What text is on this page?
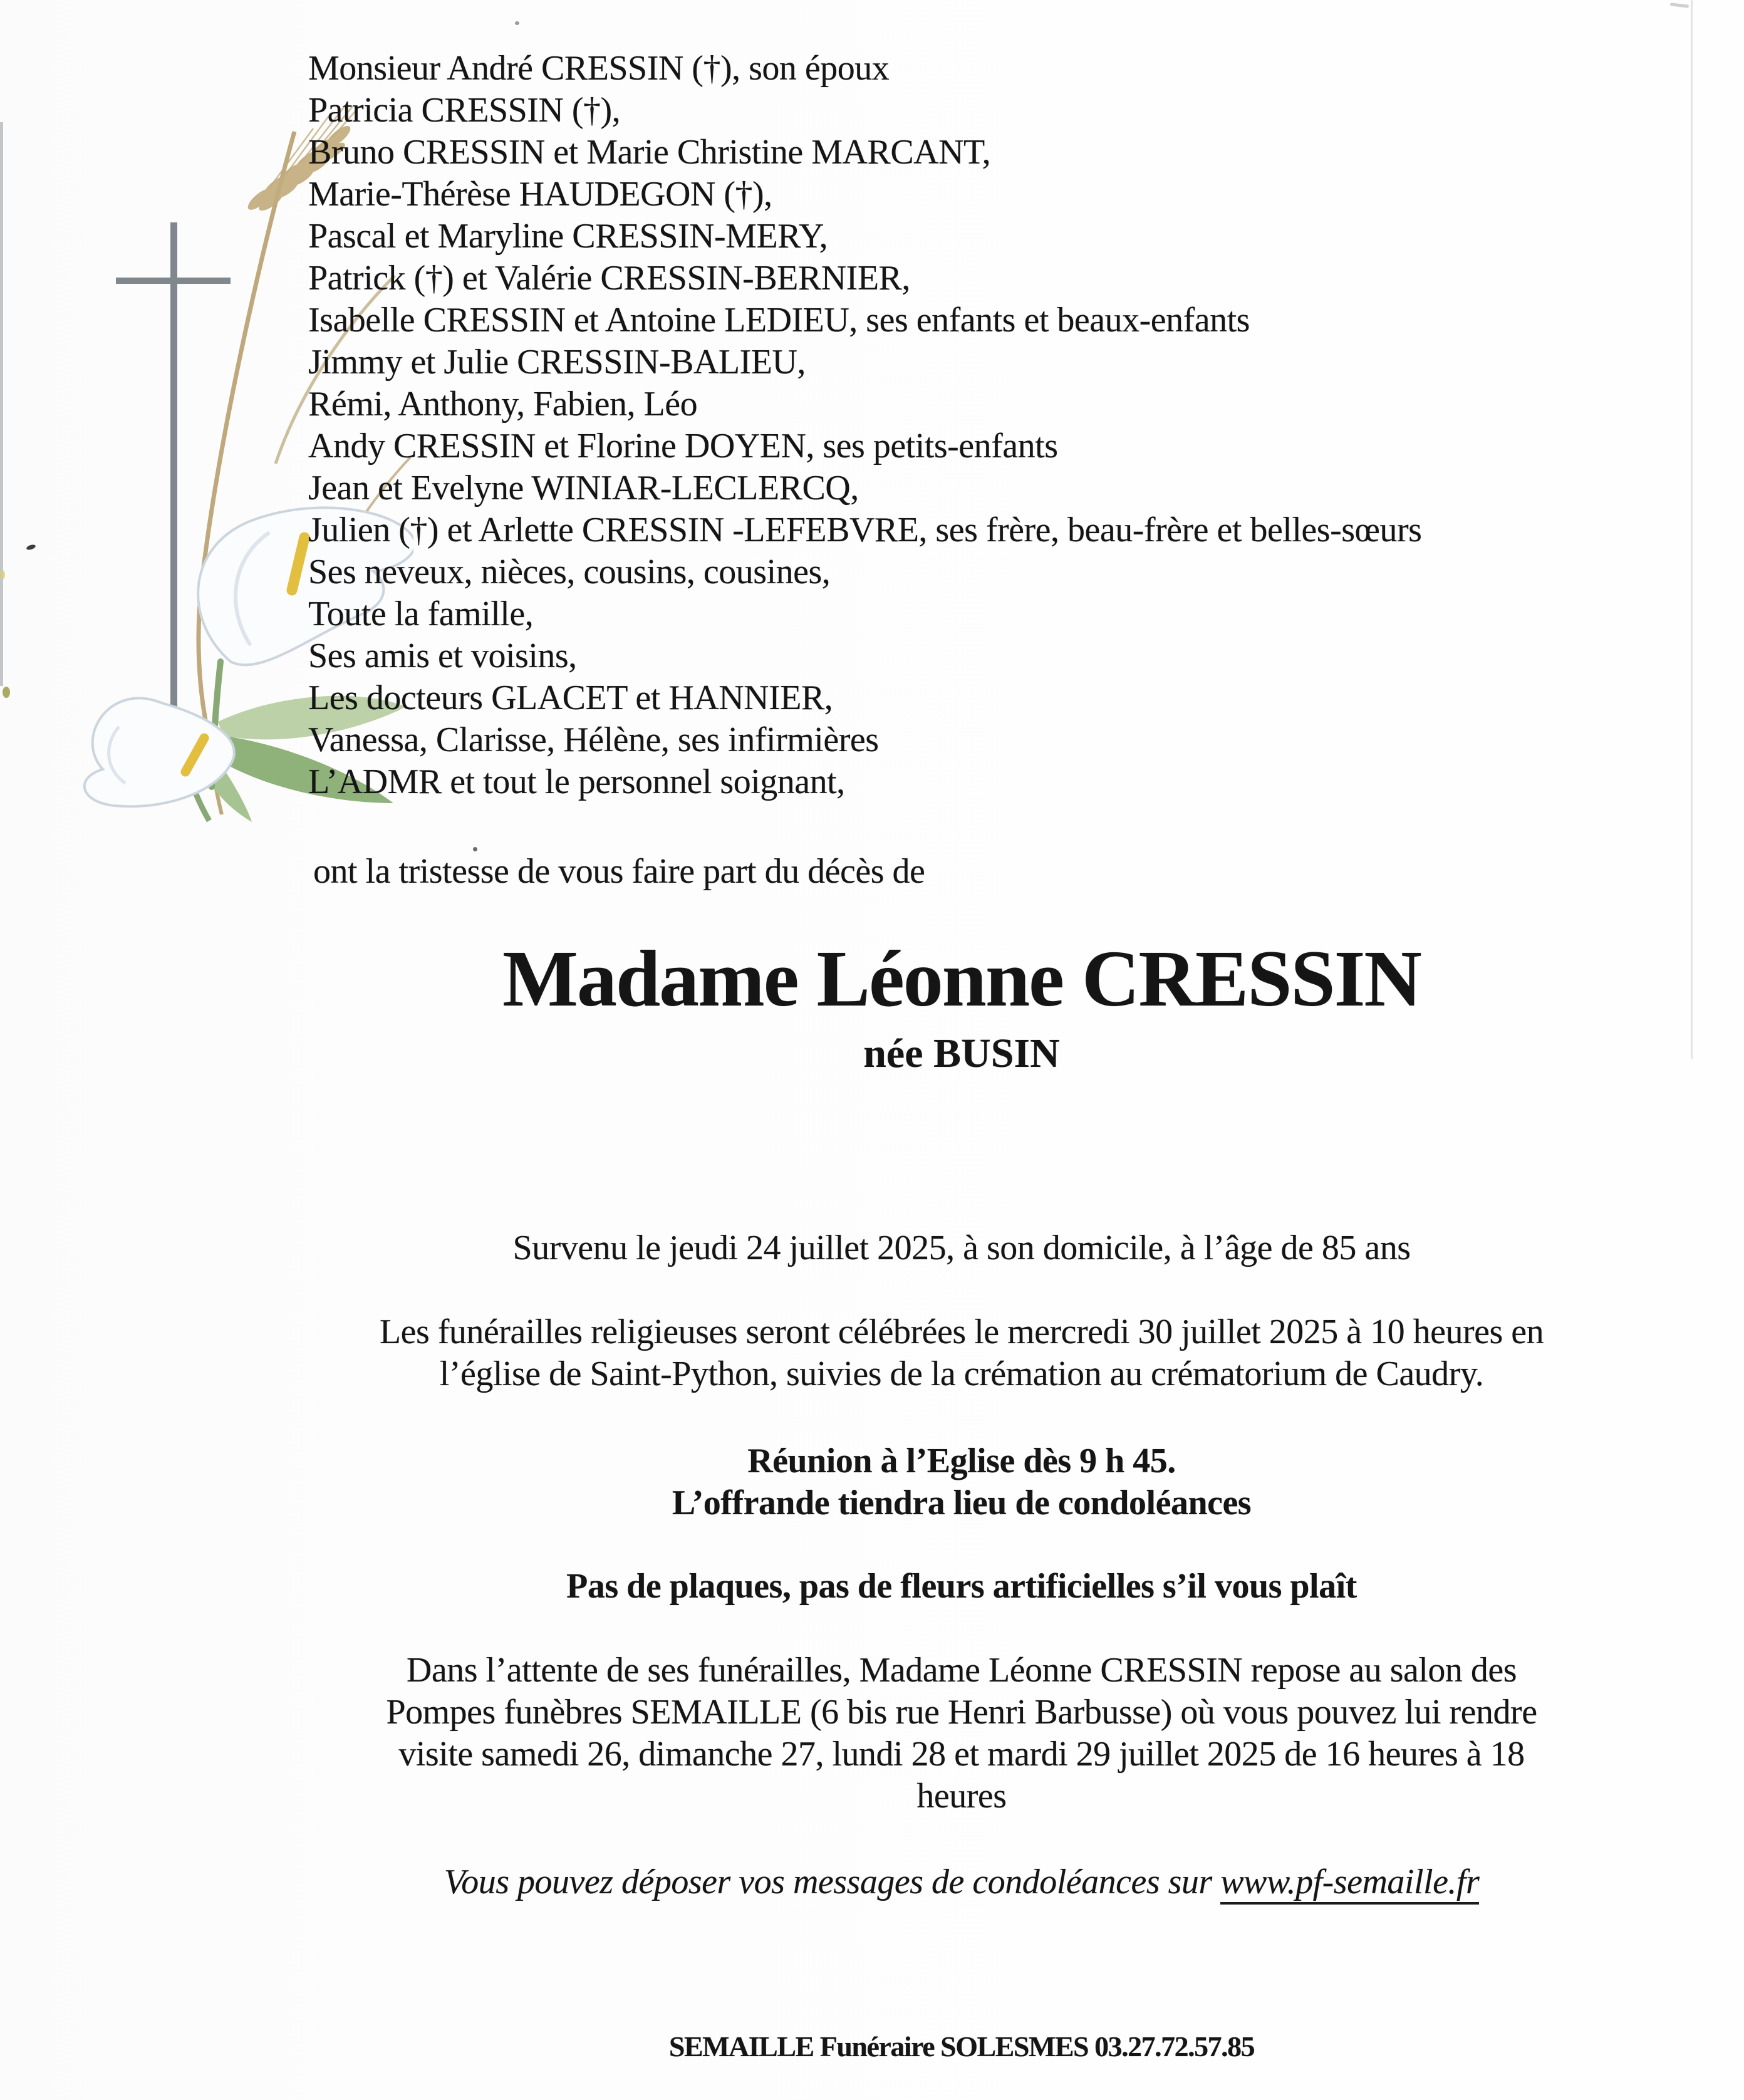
Monsieur André CRESSIN (†), son époux
Patricia CRESSIN (†),
Bruno CRESSIN et Marie Christine MARCANT,
Marie-Thérèse HAUDEGON (†),
Pascal et Maryline CRESSIN-MERY,
Patrick (†) et Valérie CRESSIN-BERNIER,
Isabelle CRESSIN et Antoine LEDIEU, ses enfants et beaux-enfants
Jimmy et Julie CRESSIN-BALIEU,
Rémi, Anthony, Fabien, Léo
Andy CRESSIN et Florine DOYEN, ses petits-enfants
Jean et Evelyne WINIAR-LECLERCQ,
Julien (†) et Arlette CRESSIN -LEFEBVRE, ses frère, beau-frère et belles-sœurs
Ses neveux, nièces, cousins, cousines,
Toute la famille,
Ses amis et voisins,
Les docteurs GLACET et HANNIER,
Vanessa, Clarisse, Hélène, ses infirmières
L’ADMR et tout le personnel soignant,
ont la tristesse de vous faire part du décès de
Madame Léonne CRESSIN
née BUSIN
Survenu le jeudi 24 juillet 2025, à son domicile, à l’âge de 85 ans
Les funérailles religieuses seront célébrées le mercredi 30 juillet 2025 à 10 heures en
l’église de Saint-Python, suivies de la crémation au crématorium de Caudry.
Réunion à l’Eglise dès 9 h 45.
L’offrande tiendra lieu de condoléances
Pas de plaques, pas de fleurs artificielles s’il vous plaît
Dans l’attente de ses funérailles, Madame Léonne CRESSIN repose au salon des
Pompes funèbres SEMAILLE (6 bis rue Henri Barbusse) où vous pouvez lui rendre
visite samedi 26, dimanche 27, lundi 28 et mardi 29 juillet 2025 de 16 heures à 18
heures
Vous pouvez déposer vos messages de condoléances sur www.pf-semaille.fr
SEMAILLE Funéraire SOLESMES 03.27.72.57.85
